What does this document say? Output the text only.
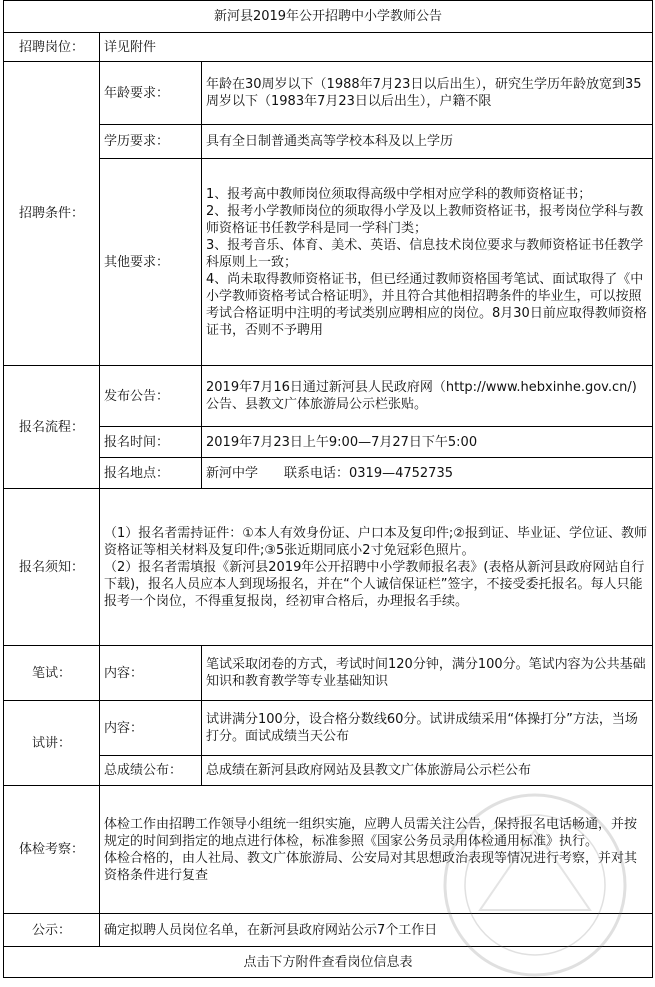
新河县2019年公开招聘中小学教师公告		
招聘岗位：	详见附件	
招聘条件：	年龄要求：	年龄在30周岁以下（1988年7月23日以后出生），研究生学历年龄放宽到35周岁以下（1983年7月23日以后出生），户籍不限
	学历要求：	具有全日制普通类高等学校本科及以上学历
	其他要求：	1、报考高中教师岗位须取得高级中学相对应学科的教师资格证书；
2、报考小学教师岗位的须取得小学及以上教师资格证书，报考岗位学科与教师资格证书任教学科是同一学科门类；
3、报考音乐、体育、美术、英语、信息技术岗位要求与教师资格证书任教学科原则上一致；
4、尚未取得教师资格证书，但已经通过教师资格国考笔试、面试取得了《中小学教师资格考试合格证明》，并且符合其他相招聘条件的毕业生，可以按照考试合格证明中注明的考试类别应聘相应的岗位。8月30日前应取得教师资格证书，否则不予聘用

报名流程：	发布公告：	2019年7月16日通过新河县人民政府网（http://www.hebxinhe.gov.cn/)公告、县教文广体旅游局公示栏张贴。
	报名时间：	2019年7月23日上午9:00—7月27日下午5:00
	报名地点：	新河中学　　联系电话：0319—4752735
报名须知：	（1）报名者需持证件：①本人有效身份证、户口本及复印件;②报到证、毕业证、学位证、教师资格证等相关材料及复印件;③5张近期同底小2寸免冠彩色照片。
（2）报名者需填报《新河县2019年公开招聘中小学教师报名表》(表格从新河县政府网站自行下载)，报名人员应本人到现场报名，并在“个人诚信保证栏”签字，不接受委托报名。每人只能报考一个岗位，不得重复报岗，经初审合格后，办理报名手续。	

笔试：	内容：	笔试采取闭卷的方式，考试时间120分钟，满分100分。笔试内容为公共基础知识和教育教学等专业基础知识
试讲：	内容：	试讲满分100分，设合格分数线60分。试讲成绩采用“体操打分”方法，当场打分。面试成绩当天公布
	总成绩公布：	总成绩在新河县政府网站及县教文广体旅游局公示栏公布
体检考察：	体检工作由招聘工作领导小组统一组织实施，应聘人员需关注公告，保持报名电话畅通，并按规定的时间到指定的地点进行体检，标准参照《国家公务员录用体检通用标准》执行。
体检合格的，由人社局、教文广体旅游局、公安局对其思想政治表现等情况进行考察，并对其资格条件进行复查	

公示：	确定拟聘人员岗位名单，在新河县政府网站公示7个工作日	
点击下方附件查看岗位信息表		
